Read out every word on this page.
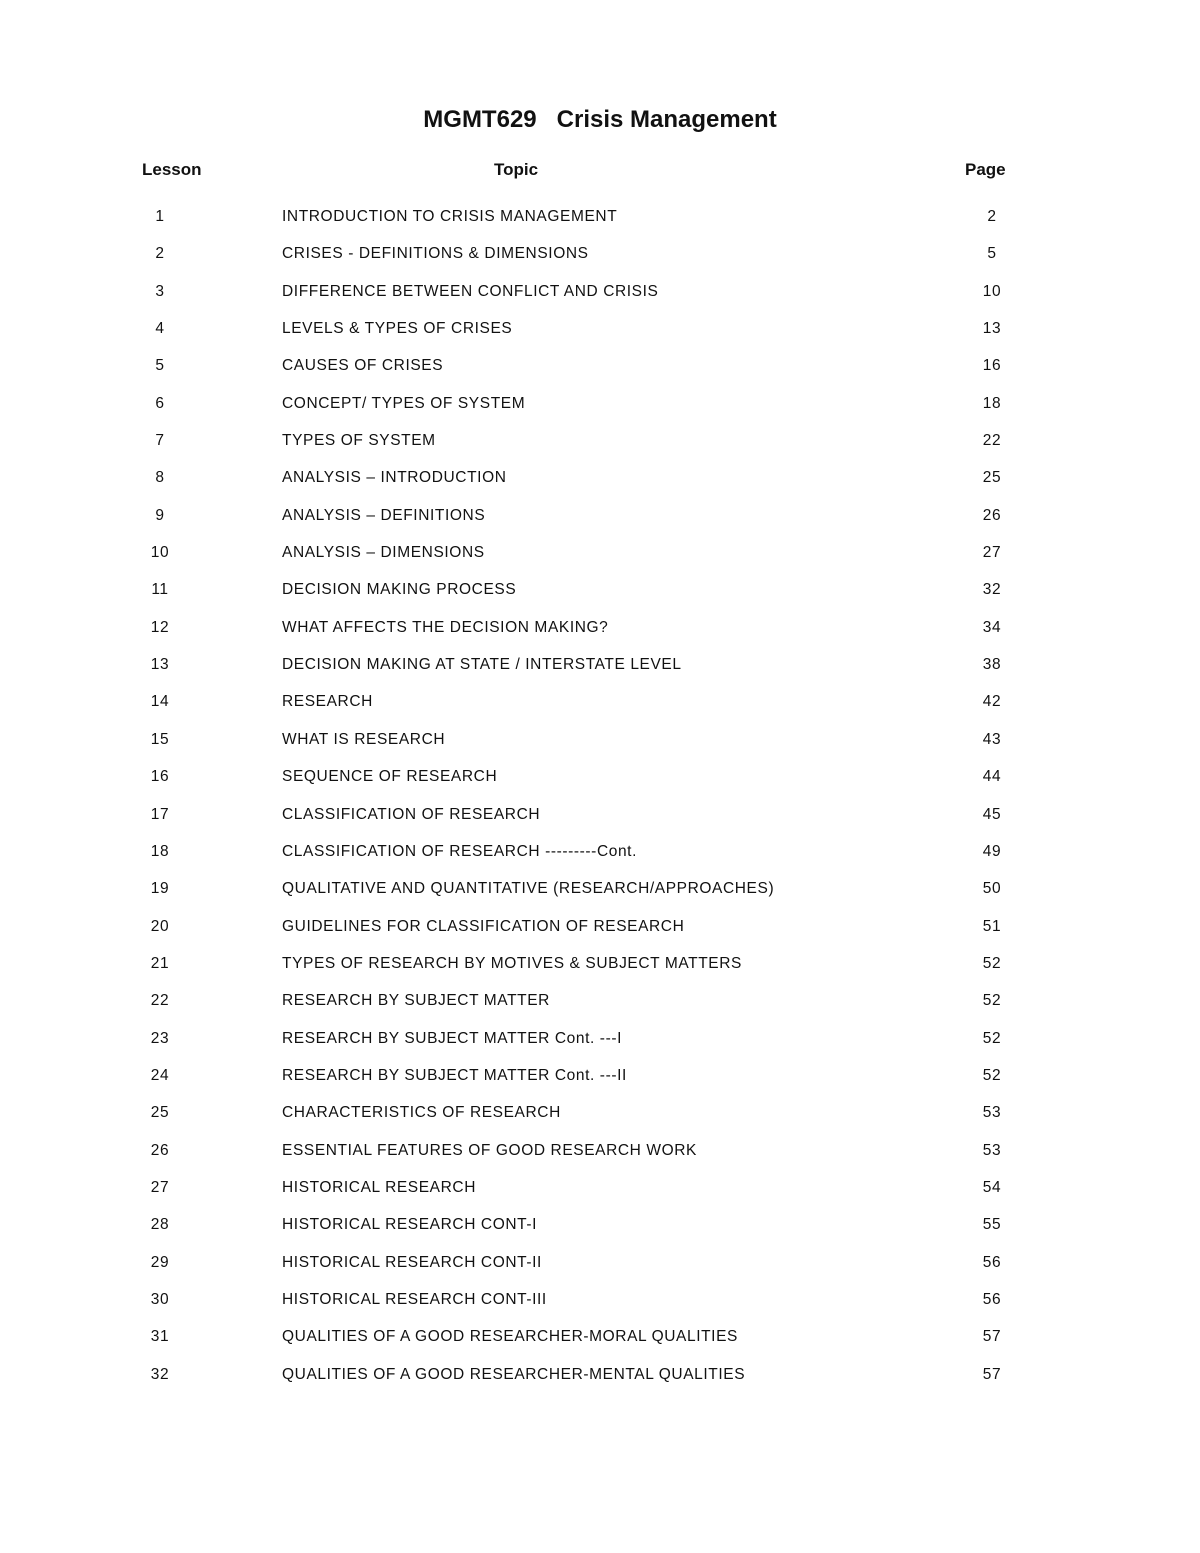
MGMT629   Crisis Management
Lesson	Topic	Page
1	INTRODUCTION TO CRISIS MANAGEMENT	2
2	CRISES - DEFINITIONS & DIMENSIONS	5
3	DIFFERENCE BETWEEN CONFLICT AND CRISIS	10
4	LEVELS & TYPES OF CRISES	13
5	CAUSES OF CRISES	16
6	CONCEPT/ TYPES OF SYSTEM	18
7	TYPES OF SYSTEM	22
8	ANALYSIS – INTRODUCTION	25
9	ANALYSIS – DEFINITIONS	26
10	ANALYSIS – DIMENSIONS	27
11	DECISION MAKING PROCESS	32
12	WHAT AFFECTS THE DECISION MAKING?	34
13	DECISION MAKING AT STATE / INTERSTATE LEVEL	38
14	RESEARCH	42
15	WHAT IS RESEARCH	43
16	SEQUENCE OF RESEARCH	44
17	CLASSIFICATION OF RESEARCH	45
18	CLASSIFICATION OF RESEARCH ---------Cont.	49
19	QUALITATIVE AND QUANTITATIVE (RESEARCH/APPROACHES)	50
20	GUIDELINES FOR CLASSIFICATION OF RESEARCH	51
21	TYPES OF RESEARCH BY MOTIVES & SUBJECT MATTERS	52
22	RESEARCH BY SUBJECT MATTER	52
23	RESEARCH BY SUBJECT MATTER Cont. ---I	52
24	RESEARCH BY SUBJECT MATTER Cont. ---II	52
25	CHARACTERISTICS OF RESEARCH	53
26	ESSENTIAL FEATURES OF GOOD RESEARCH WORK	53
27	HISTORICAL RESEARCH	54
28	HISTORICAL RESEARCH CONT-I	55
29	HISTORICAL RESEARCH CONT-II	56
30	HISTORICAL RESEARCH CONT-III	56
31	QUALITIES OF A GOOD RESEARCHER-MORAL QUALITIES	57
32	QUALITIES OF A GOOD RESEARCHER-MENTAL QUALITIES	57
